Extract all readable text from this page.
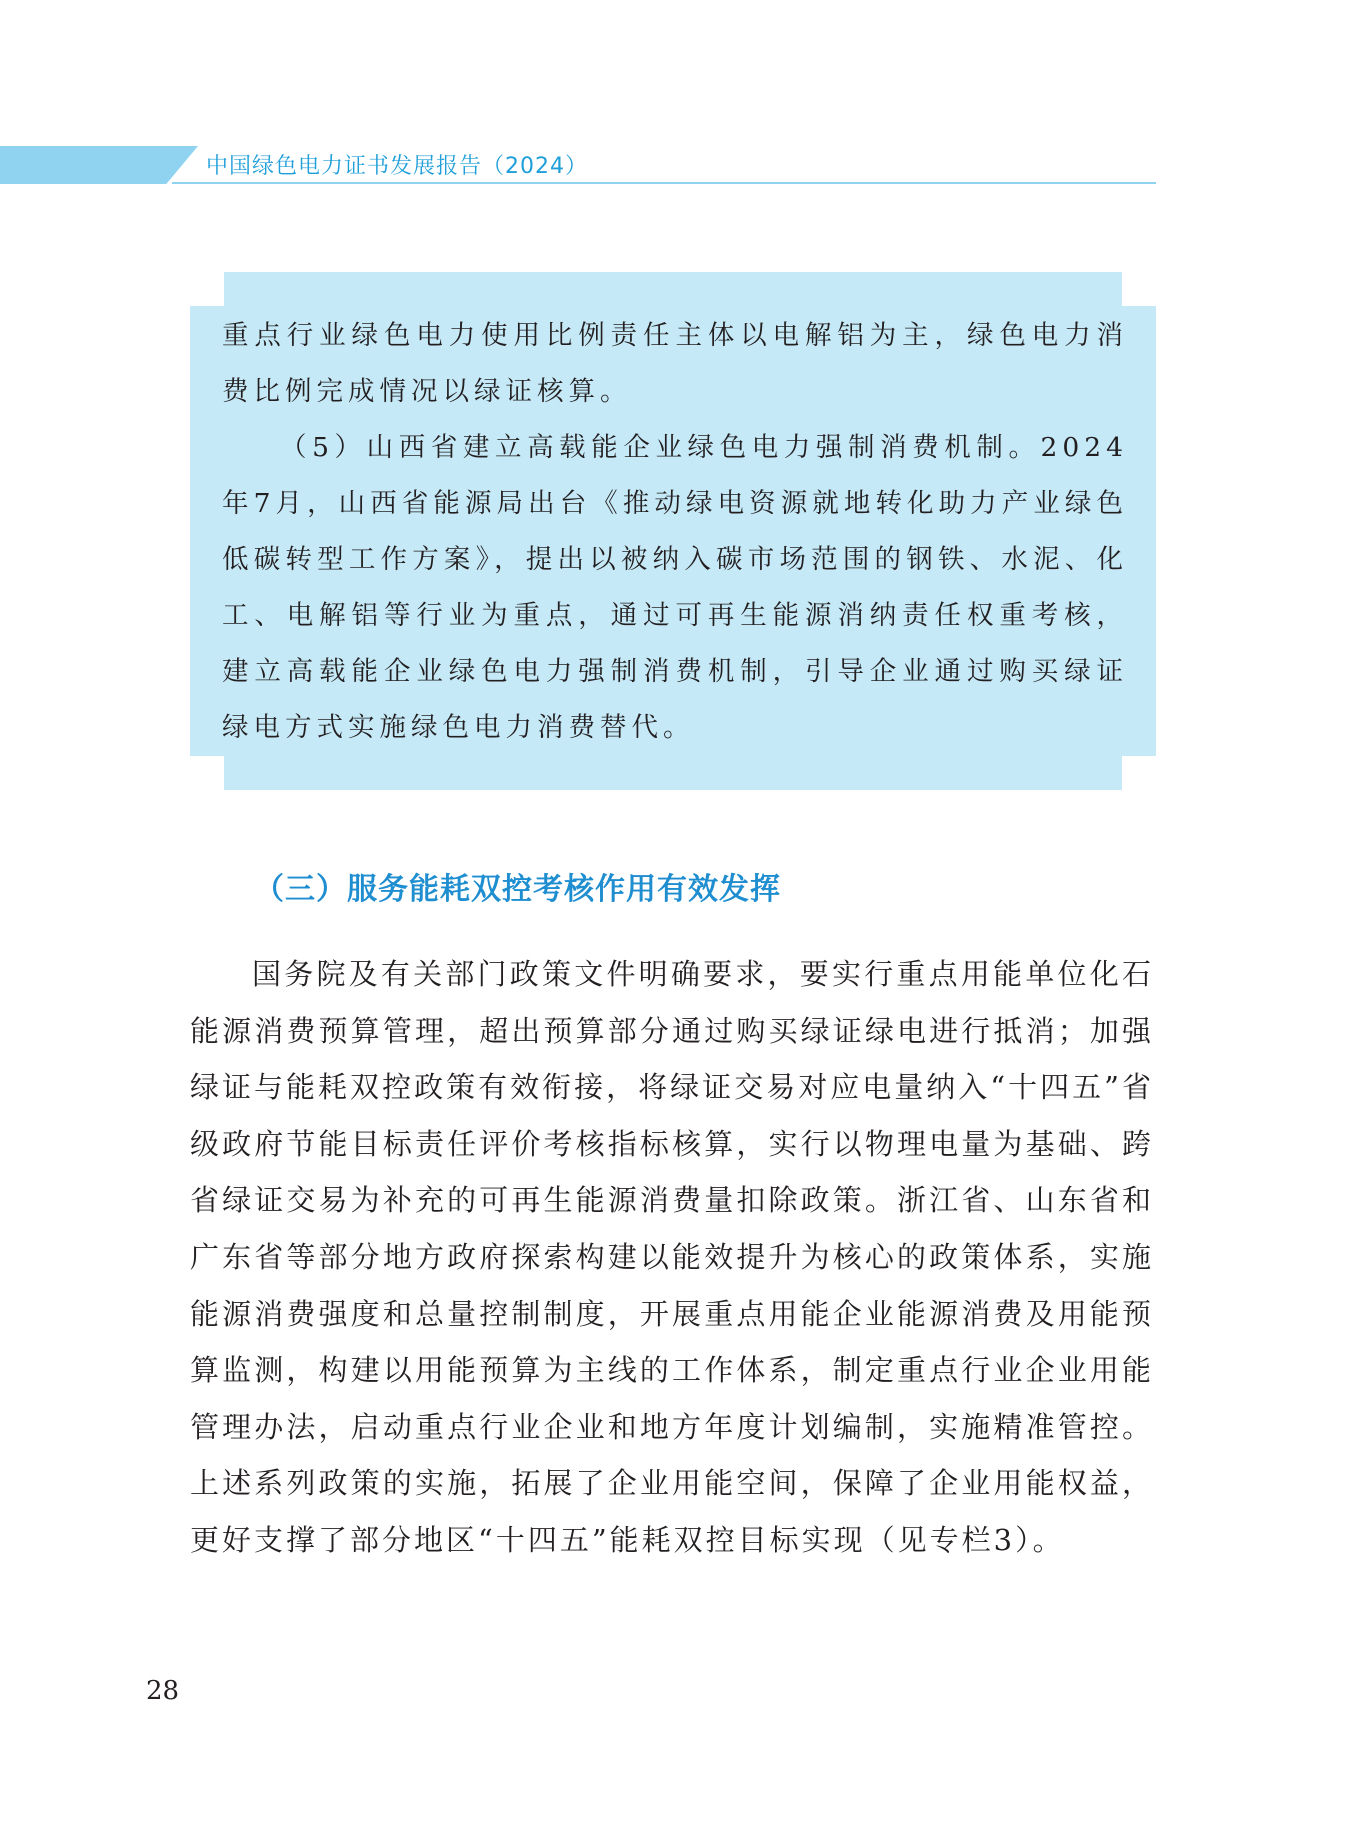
中国绿色电力证书发展报告（2024）

重点行业绿色电力使用比例责任主体以电解铝为主，绿色电力消费比例完成情况以绿证核算。

（5）山西省建立高载能企业绿色电力强制消费机制。2024年7月，山西省能源局出台《推动绿电资源就地转化助力产业绿色低碳转型工作方案》，提出以被纳入碳市场范围的钢铁、水泥、化工、电解铝等行业为重点，通过可再生能源消纳责任权重考核，建立高载能企业绿色电力强制消费机制，引导企业通过购买绿证绿电方式实施绿色电力消费替代。

（三）服务能耗双控考核作用有效发挥

国务院及有关部门政策文件明确要求，要实行重点用能单位化石能源消费预算管理，超出预算部分通过购买绿证绿电进行抵消；加强绿证与能耗双控政策有效衔接，将绿证交易对应电量纳入“十四五”省级政府节能目标责任评价考核指标核算，实行以物理电量为基础、跨省绿证交易为补充的可再生能源消费量扣除政策。浙江省、山东省和广东省等部分地方政府探索构建以能效提升为核心的政策体系，实施能源消费强度和总量控制制度，开展重点用能企业能源消费及用能预算监测，构建以用能预算为主线的工作体系，制定重点行业企业用能管理办法，启动重点行业企业和地方年度计划编制，实施精准管控。上述系列政策的实施，拓展了企业用能空间，保障了企业用能权益，更好支撑了部分地区“十四五”能耗双控目标实现（见专栏3）。

28
